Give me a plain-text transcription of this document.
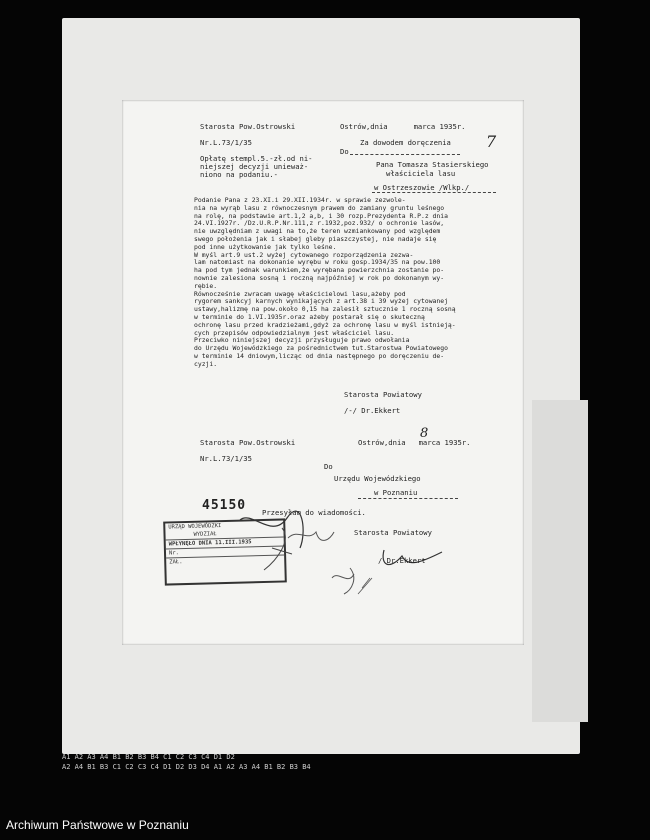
Starosta Pow.Ostrowski
Nr.L.73/1/35
Ostrów,dnia      marca 1935r.
Za dowodem doręczenia 7
Do
Opłatę stempl.5.-zł.od ni-
niejszej decyzji unieważ-
niono na podaniu.-
Pana Tomasza Stasierskiego
właściciela lasu
w Ostrzeszowie /Wlkp./

Podanie Pana z 23.XI.i 29.XII.1934r. w sprawie zezwole-

nia na wyrąb lasu z równoczesnym prawem do zamiany gruntu leśnego

na rolę, na podstawie art.1,2 a,b, i 30 rozp.Prezydenta R.P.z dnia

24.VI.1927r. /Dz.U.R.P.Nr.111,z r.1932,poz.932/ o ochronie lasów,

nie uwzględniam z uwagi na to,że teren wzmiankowany pod względem

swego położenia jak i słabej gleby piaszczystej, nie nadaje się

pod inne użytkowanie jak tylko leśne.

W myśl art.9 ust.2 wyżej cytowanego rozporządzenia zezwa-

lam natomiast na dokonanie wyrębu w roku gosp.1934/35 na pow.100

ha pod tym jednak warunkiem,że wyrębana powierzchnia zostanie po-

nownie zalesiona sosną i roczną najpóźniej w rok po dokonanym wy-

rębie.

Równocześnie zwracam uwagę właścicielowi lasu,ażeby pod

rygorem sankcyj karnych wynikających z art.38 i 39 wyżej cytowanej

ustawy,halizmę na pow.około 0,15 ha zalesił sztucznie 1 roczną sosną

w terminie do 1.VI.1935r.oraz ażeby postarał się o skuteczną

ochronę lasu przed kradzieżami,gdyż za ochronę lasu w myśl istnieją-

cych przepisów odpowiedzialnym jest właściciel lasu.

Przeciwko niniejszej decyzji przysługuje prawo odwołania

do Urzędu Wojewódzkiego za pośrednictwem tut.Starostwa Powiatowego

w terminie 14 dniowym,licząc od dnia następnego po doręczeniu de-

cyzji.

Starosta Powiatowy
/-/ Dr.Ekkert
Starosta Pow.Ostrowski
Nr.L.73/1/35
Ostrów,dnia   marca 1935r.
8
Do
Urzędu Wojewódzkiego
w Poznaniu
45150 Przesyłam do wiadomości.
URZĄD WOJEWÓDZKI
WYDZIAŁ
WPŁYNĘŁO DNIA 11.III.1935
Nr.
ZAŁ.
Starosta Powiatowy
/ Dr.Ekkert
A1 A2 A3 A4 B1 B2 B3 B4 C1 C2 C3 C4 D1 D2
A2 A4 B1 B3 C1 C2 C3 C4 D1 D2 D3 D4 A1 A2 A3 A4 B1 B2 B3 B4
Archiwum Państwowe w Poznaniu
